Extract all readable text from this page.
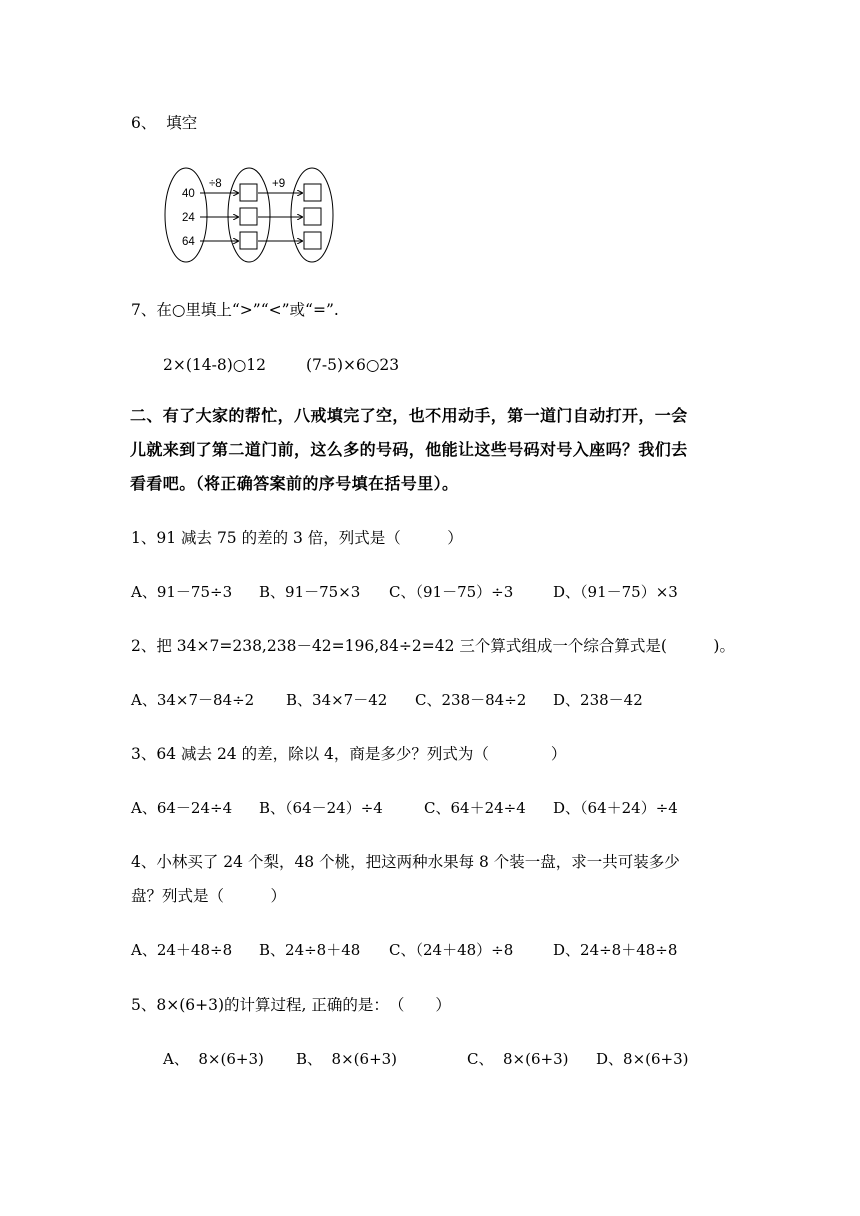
6、  填空
40
24
64
÷8	+9
7、在○里填上“>”“<”或“=”.
2×(14-8)○12	(7-5)×6○23
二、有了大家的帮忙，八戒填完了空，也不用动手，第一道门自动打开，一会
儿就来到了第二道门前，这么多的号码，他能让这些号码对号入座吗？我们去
看看吧。（将正确答案前的序号填在括号里）。
1、91 减去 75 的差的 3 倍，列式是（　　　）
A、91－75÷3 B、91－75×3 C、（91－75）÷3	D、（91－75）×3
2、把 34×7=238,238－42=196,84÷2=42 三个算式组成一个综合算式是(　　　)。
A、34×7－84÷2 B、34×7－42 C、238－84÷2 D、238－42
3、64 减去 24 的差，除以 4，商是多少？列式为（　　　　）
A、64－24÷4 B、（64－24）÷4	C、64＋24÷4 D、（64＋24）÷4
4、小林买了 24 个梨，48 个桃，把这两种水果每 8 个装一盘，求一共可装多少
盘？列式是（　　　）
A、24＋48÷8 B、24÷8＋48 C、（24＋48）÷8	D、24÷8＋48÷8
5、8×(6+3)的计算过程, 正确的是：　（　　）
A、  8×(6+3) B、  8×(6+3)	C、  8×(6+3) D、8×(6+3)
